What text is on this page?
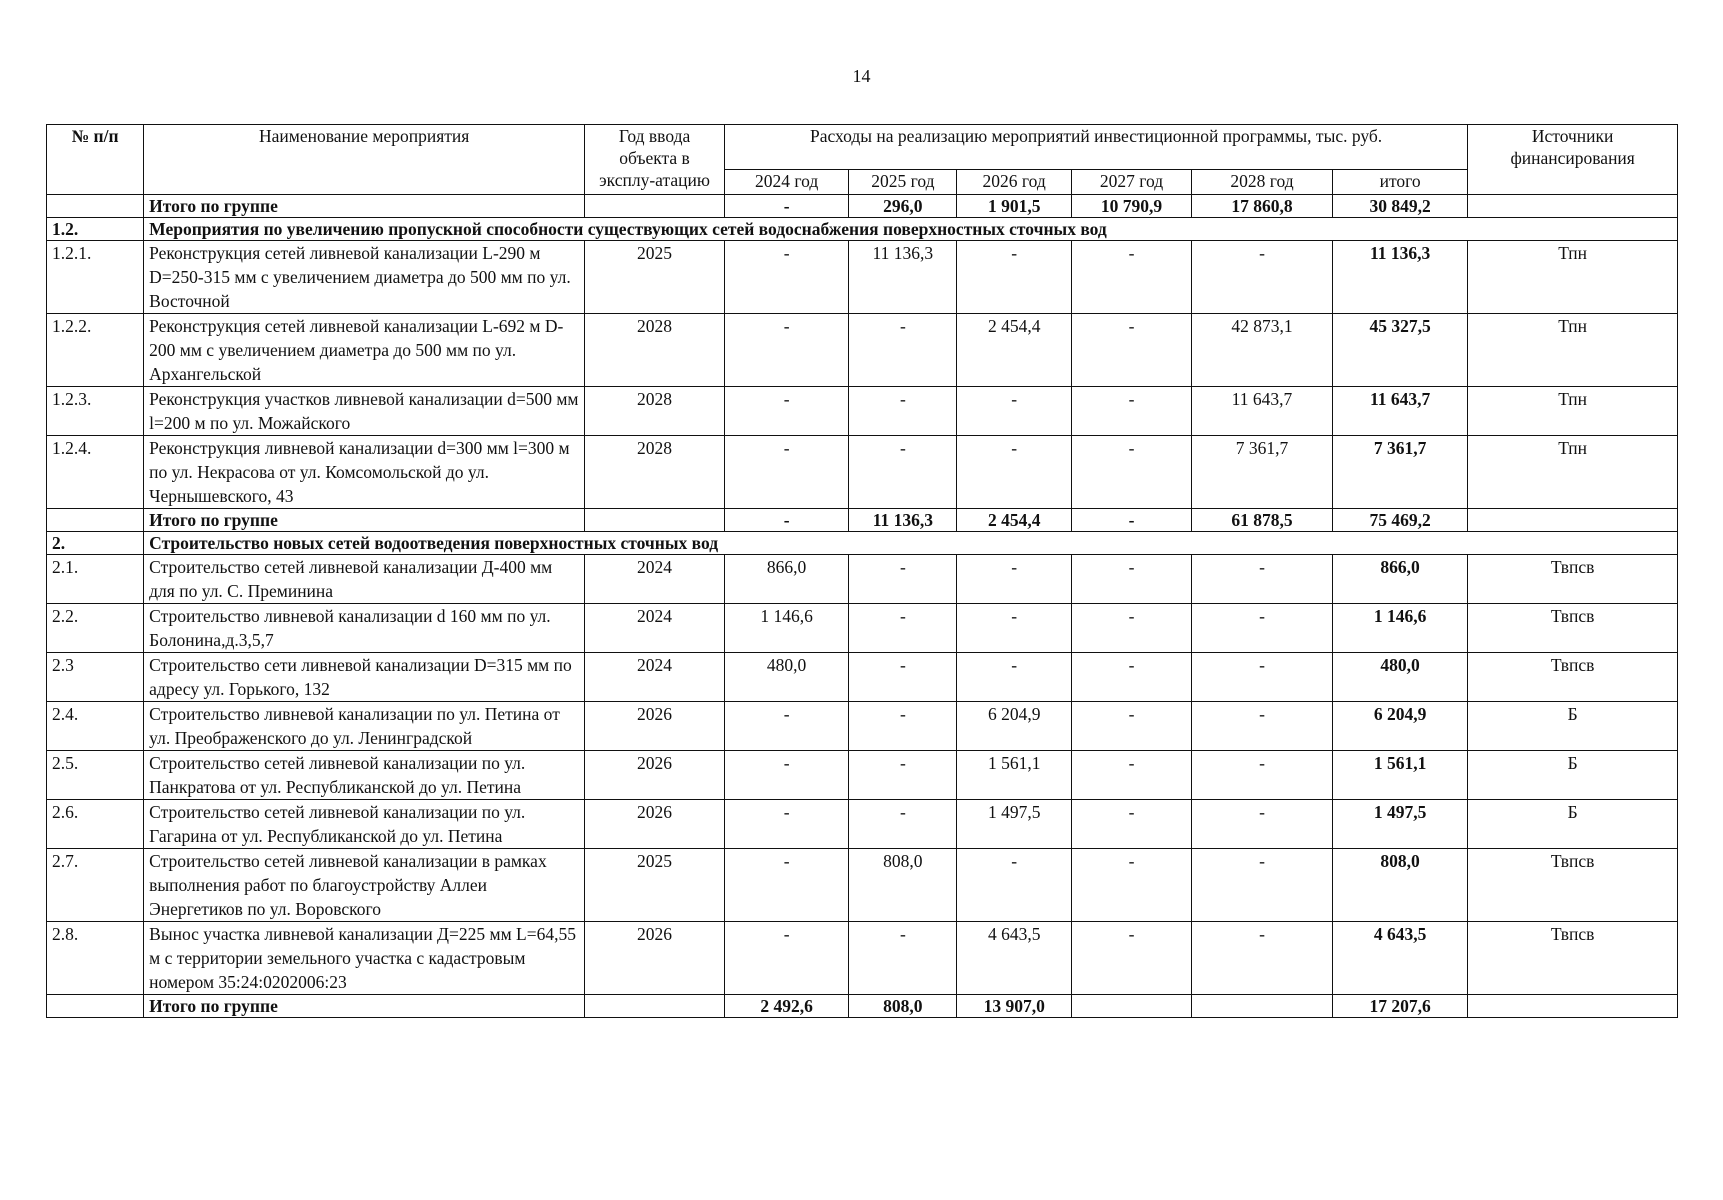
14
№ п/п	Наименование мероприятия	Год ввода объекта в эксплу-атацию	Расходы на реализацию мероприятий инвестиционной программы, тыс. руб.						Источники финансирования
			2024 год	2025 год	2026 год	2027 год	2028 год	итого	
	Итого по группе		-	296,0	1 901,5	10 790,9	17 860,8	30 849,2	
1.2.	Мероприятия по увеличению пропускной способности существующих сетей водоснабжения поверхностных сточных вод								
1.2.1.	Реконструкция сетей ливневой канализации L-290 м D=250-315 мм с увеличением диаметра до 500 мм по ул. Восточной	2025	-	11 136,3	-	-	-	11 136,3	Тпн
1.2.2.	Реконструкция сетей ливневой канализации L-692 м D-200 мм с увеличением диаметра до 500 мм по ул. Архангельской	2028	-	-	2 454,4	-	42 873,1	45 327,5	Тпн
1.2.3.	Реконструкция участков ливневой канализации d=500 мм l=200 м по ул. Можайского	2028	-	-	-	-	11 643,7	11 643,7	Тпн
1.2.4.	Реконструкция ливневой канализации d=300 мм l=300 м по ул. Некрасова от ул. Комсомольской до ул. Чернышевского, 43	2028	-	-	-	-	7 361,7	7 361,7	Тпн
	Итого по группе		-	11 136,3	2 454,4	-	61 878,5	75 469,2	
2.	Строительство новых сетей водоотведения поверхностных сточных вод								
2.1.	Строительство сетей ливневой канализации Д-400 мм для по ул. С. Преминина	2024	866,0	-	-	-	-	866,0	Твпсв
2.2.	Строительство ливневой канализации d 160 мм по ул. Болонина,д.3,5,7	2024	1 146,6	-	-	-	-	1 146,6	Твпсв
2.3	Строительство сети ливневой канализации D=315 мм по адресу ул. Горького, 132	2024	480,0	-	-	-	-	480,0	Твпсв
2.4.	Строительство ливневой канализации по ул. Петина от ул. Преображенского до ул. Ленинградской	2026	-	-	6 204,9	-	-	6 204,9	Б
2.5.	Строительство сетей ливневой канализации по ул. Панкратова от ул. Республиканской до ул. Петина	2026	-	-	1 561,1	-	-	1 561,1	Б
2.6.	Строительство сетей ливневой канализации по ул. Гагарина от ул. Республиканской до ул. Петина	2026	-	-	1 497,5	-	-	1 497,5	Б
2.7.	Строительство сетей ливневой канализации в рамках выполнения работ по благоустройству Аллеи Энергетиков по ул. Воровского	2025	-	808,0	-	-	-	808,0	Твпсв
2.8.	Вынос участка ливневой канализации Д=225 мм L=64,55 м с территории земельного участка с кадастровым номером 35:24:0202006:23	2026	-	-	4 643,5	-	-	4 643,5	Твпсв
	Итого по группе		2 492,6	808,0	13 907,0			17 207,6	
